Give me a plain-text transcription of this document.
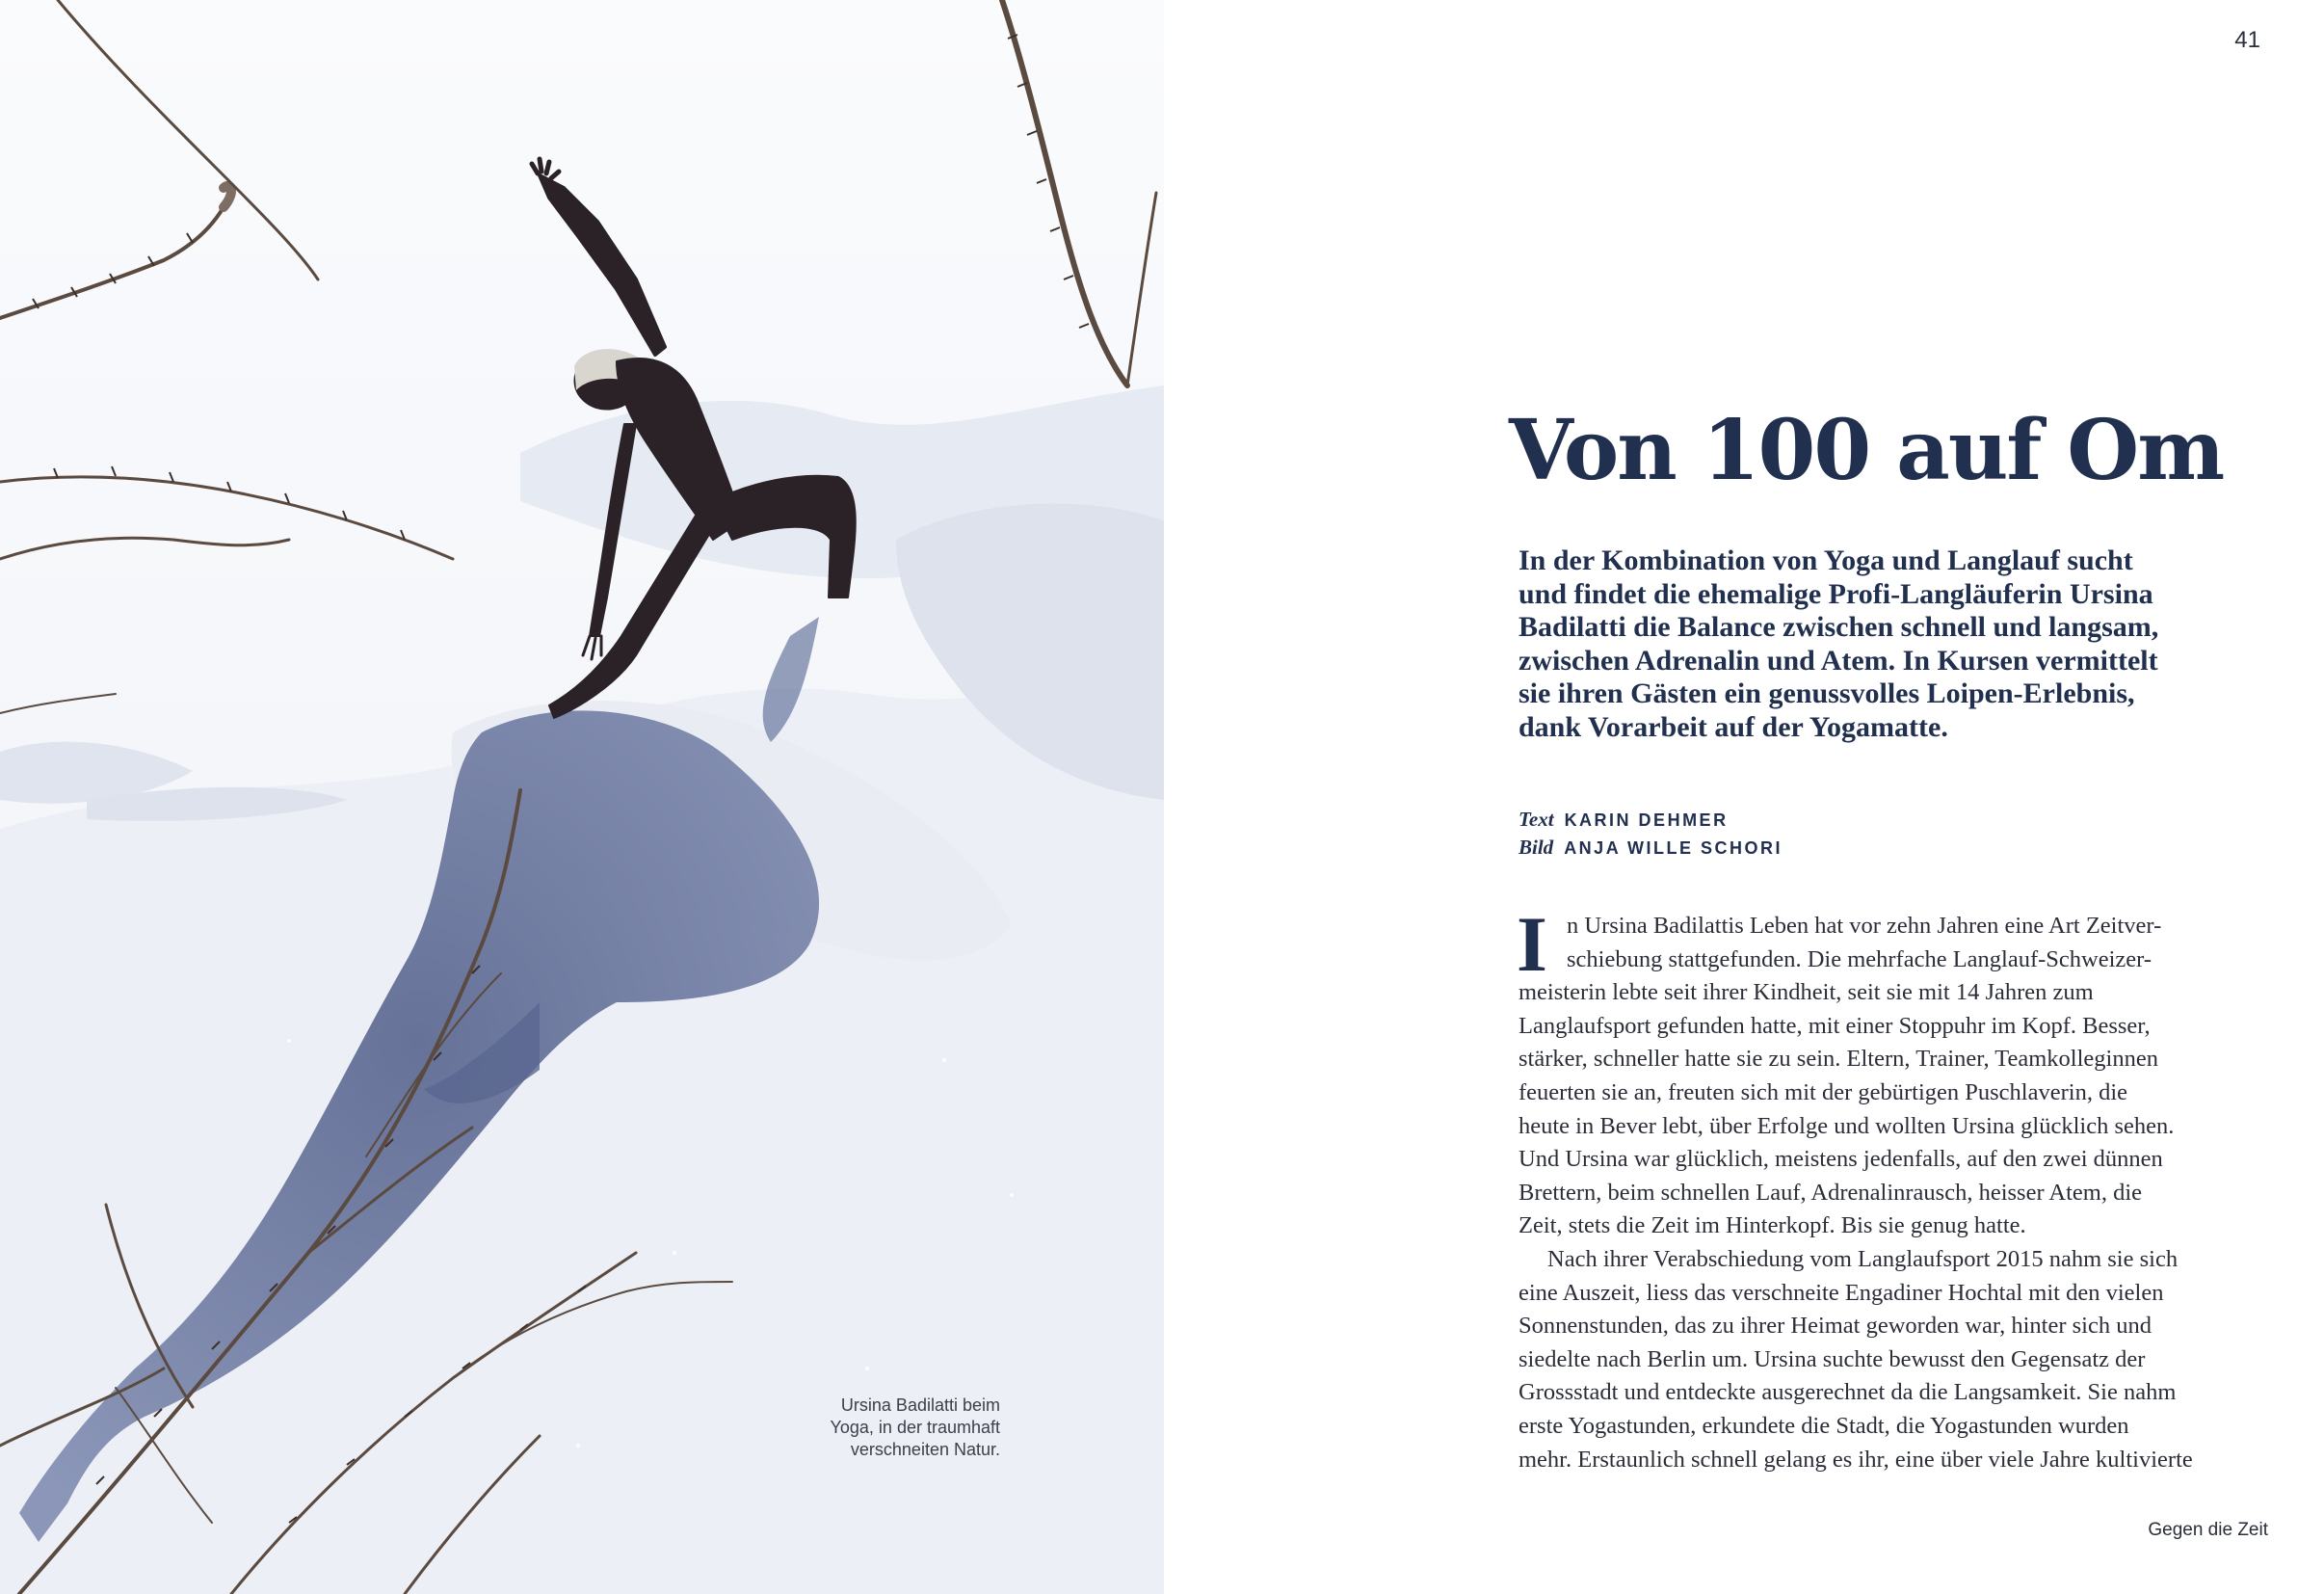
Ursina Badilatti beim
Yoga, in der traumhaft
verschneiten Natur.
41
Von 100 auf Om
In der Kombination von Yoga und Langlauf sucht
und findet die ehemalige Profi-Langläuferin Ursina
Badilatti die Balance zwischen schnell und langsam,
zwischen Adrenalin und Atem. In Kursen vermittelt
sie ihren Gästen ein genussvolles Loipen-Erlebnis,
dank Vorarbeit auf der Yogamatte.
Text KARIN DEHMER
Bild ANJA WILLE SCHORI
I n Ursina Badilattis Leben hat vor zehn Jahren eine Art Zeitver-
schiebung stattgefunden. Die mehrfache Langlauf-Schweizer-
meisterin lebte seit ihrer Kindheit, seit sie mit 14 Jahren zum
Langlaufsport gefunden hatte, mit einer Stoppuhr im Kopf. Besser,
stärker, schneller hatte sie zu sein. Eltern, Trainer, Teamkolleginnen
feuerten sie an, freuten sich mit der gebürtigen Puschlaverin, die
heute in Bever lebt, über Erfolge und wollten Ursina glücklich sehen.
Und Ursina war glücklich, meistens jedenfalls, auf den zwei dünnen
Brettern, beim schnellen Lauf, Adrenalinrausch, heisser Atem, die
Zeit, stets die Zeit im Hinterkopf. Bis sie genug hatte.
Nach ihrer Verabschiedung vom Langlaufsport 2015 nahm sie sich
eine Auszeit, liess das verschneite Engadiner Hochtal mit den vielen
Sonnenstunden, das zu ihrer Heimat geworden war, hinter sich und
siedelte nach Berlin um. Ursina suchte bewusst den Gegensatz der
Grossstadt und entdeckte ausgerechnet da die Langsamkeit. Sie nahm
erste Yogastunden, erkundete die Stadt, die Yogastunden wurden
mehr. Erstaunlich schnell gelang es ihr, eine über viele Jahre kultivierte
Gegen die Zeit
